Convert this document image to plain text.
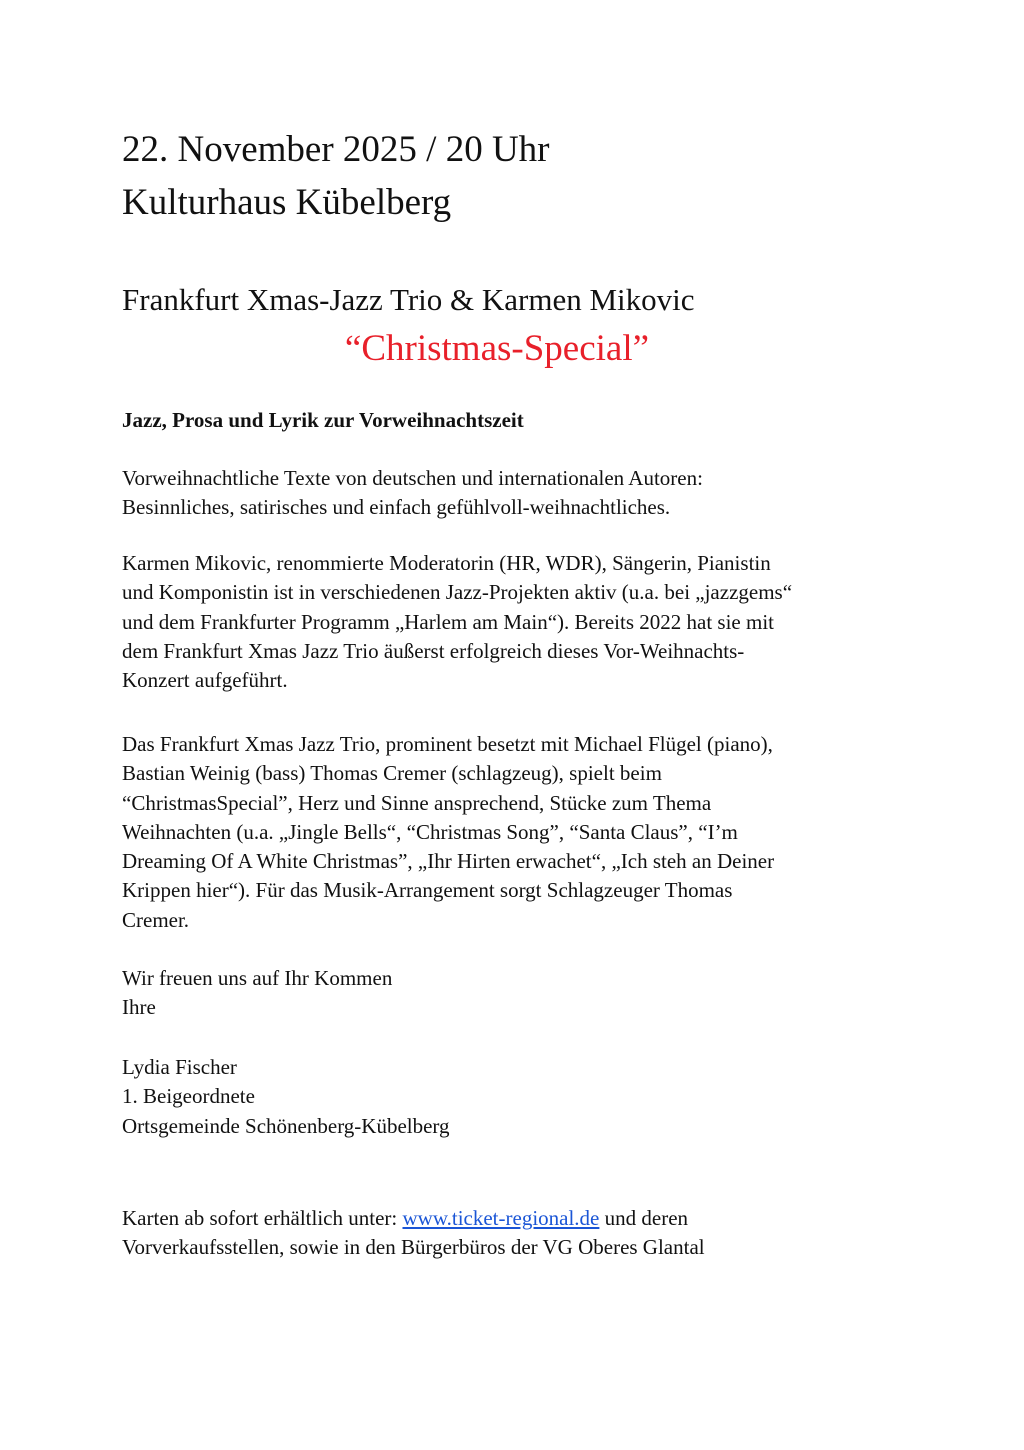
22. November 2025 / 20 Uhr
Kulturhaus Kübelberg
Frankfurt Xmas-Jazz Trio & Karmen Mikovic
“Christmas-Special”
Jazz, Prosa und Lyrik zur Vorweihnachtszeit
Vorweihnachtliche Texte von deutschen und internationalen Autoren:
Besinnliches, satirisches und einfach gefühlvoll-weihnachtliches.
Karmen Mikovic, renommierte Moderatorin (HR, WDR), Sängerin, Pianistin
und Komponistin ist in verschiedenen Jazz-Projekten aktiv (u.a. bei „jazzgems“
und dem Frankfurter Programm „Harlem am Main“). Bereits 2022 hat sie mit
dem Frankfurt Xmas Jazz Trio äußerst erfolgreich dieses Vor-Weihnachts-
Konzert aufgeführt.
Das Frankfurt Xmas Jazz Trio, prominent besetzt mit Michael Flügel (piano),
Bastian Weinig (bass) Thomas Cremer (schlagzeug), spielt beim
“ChristmasSpecial”, Herz und Sinne ansprechend, Stücke zum Thema
Weihnachten (u.a. „Jingle Bells“, “Christmas Song”, “Santa Claus”, “I’m
Dreaming Of A White Christmas”, „Ihr Hirten erwachet“, „Ich steh an Deiner
Krippen hier“). Für das Musik-Arrangement sorgt Schlagzeuger Thomas
Cremer.
Wir freuen uns auf Ihr Kommen
Ihre
Lydia Fischer
1. Beigeordnete
Ortsgemeinde Schönenberg-Kübelberg
Karten ab sofort erhältlich unter: www.ticket-regional.de und deren
Vorverkaufsstellen, sowie in den Bürgerbüros der VG Oberes Glantal
